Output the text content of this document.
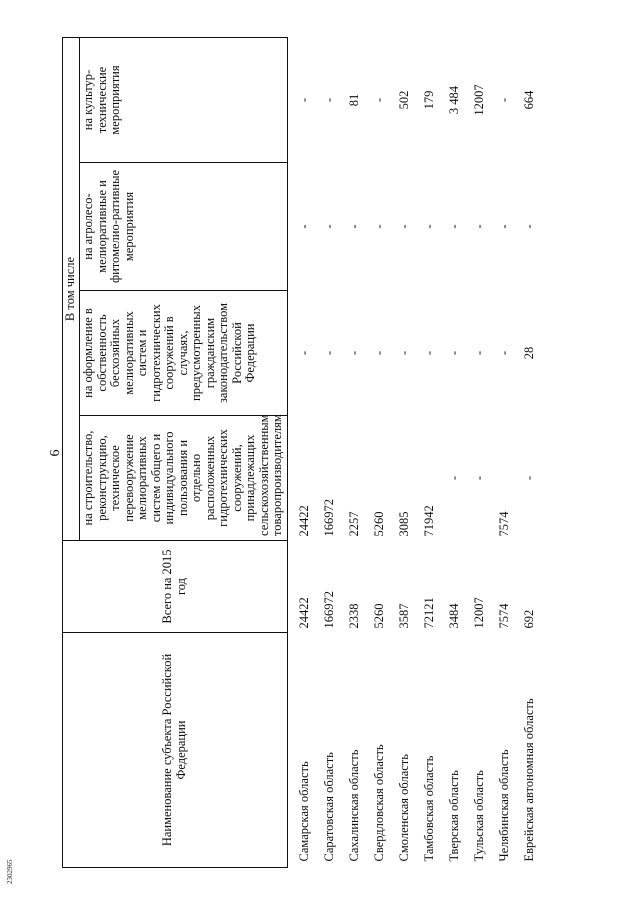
6
Наименование субъекта Российской Федерации	Всего на 2015 год	В том числе			
		на строительство, реконструкцию, техническое перевооружение мелиоративных систем общего и индивидуального пользования и отдельно расположенных гидротехнических сооружений, принадлежащих сельскохозяйственным товаропроизводителям	на оформление в собственность бесхозяйных мелиоративных систем и гидротехнических сооружений в случаях, предусмотренных гражданским законодательством Российской Федерации	на агролесо-мелиоративные и фитомелио-ративные мероприятия	на культур-технические мероприятия
Самарская область	24422	24422	-	-	-
Саратовская область	166972	166972	-	-	-
Сахалинская область	2338	2257	-	-	81
Свердловская область	5260	5260	-	-	-
Смоленская область	3587	3085	-	-	502
Тамбовская область	72121	71942	-	-	179
Тверская область	3484	-	-	-	3 484
Тульская область	12007	-	-	-	12007
Челябинская область	7574	7574	-	-	-
Еврейская автономная область	692	-	28	-	664
2302965
